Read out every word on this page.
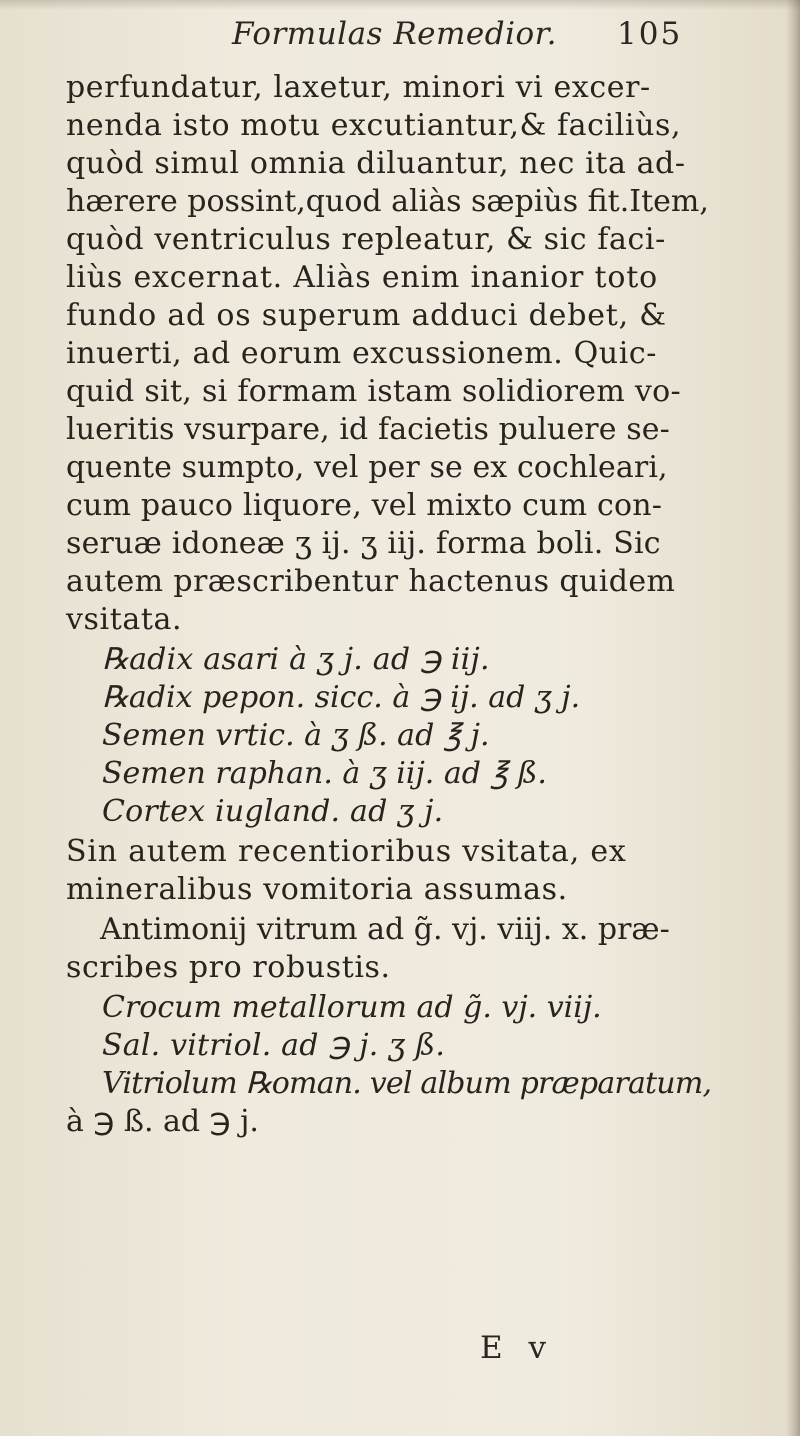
Formulas Remedior. 105
perfundatur, laxetur, minori vi excer-
nenda isto motu excutiantur,& faciliùs,
quòd simul omnia diluantur, nec ita ad-
hærere possint,quod aliàs sæpiùs fit.Item,
quòd ventriculus repleatur, & sic faci-
liùs excernat. Aliàs enim inanior toto
fundo ad os superum adduci debet, &
inuerti, ad eorum excussionem. Quic-
quid sit, si formam istam solidiorem vo-
lueritis vsurpare, id facietis puluere se-
quente sumpto, vel per se ex cochleari,
cum pauco liquore, vel mixto cum con-
seruæ idoneæ ʒ ij. ʒ iij. forma boli. Sic
autem præscribentur hactenus quidem
vsitata.
℞adix asari à ʒ j. ad ℈ iij.
℞adix pepon. sicc. à ℈ ij. ad ʒ j.
Semen vrtic. à ʒ ß. ad ℥ j.
Semen raphan. à ʒ iij. ad ℥ ß.
Cortex iugland. ad ʒ j.
Sin autem recentioribus vsitata, ex
mineralibus vomitoria assumas.
Antimonij vitrum ad g̃. vj. viij. x. præ-
scribes pro robustis.
Crocum metallorum ad g̃. vj. viij.
Sal. vitriol. ad ℈ j. ʒ ß.
Vitriolum ℞oman. vel album præparatum,
à ℈ ß. ad ℈ j.
E v
